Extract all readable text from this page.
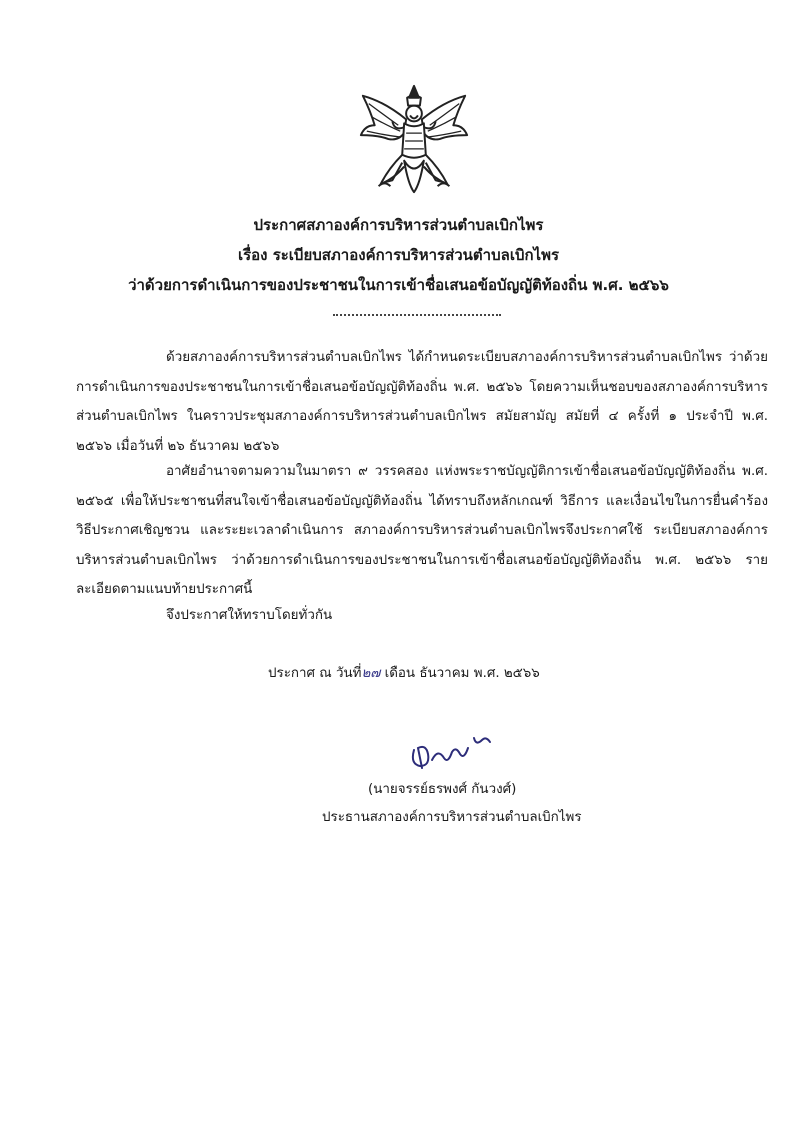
ประกาศสภาองค์การบริหารส่วนตำบลเบิกไพร
เรื่อง ระเบียบสภาองค์การบริหารส่วนตำบลเบิกไพร
ว่าด้วยการดำเนินการของประชาชนในการเข้าชื่อเสนอข้อบัญญัติท้องถิ่น พ.ศ. ๒๕๖๖

ด้วยสภาองค์การบริหารส่วนตำบลเบิกไพร ได้กำหนดระเบียบสภาองค์การบริหารส่วนตำบลเบิกไพร ว่าด้วยการดำเนินการของประชาชนในการเข้าชื่อเสนอข้อบัญญัติท้องถิ่น พ.ศ. ๒๕๖๖ โดยความเห็นชอบของสภาองค์การบริหารส่วนตำบลเบิกไพร ในคราวประชุมสภาองค์การบริหารส่วนตำบลเบิกไพร สมัยสามัญ สมัยที่ ๔ ครั้งที่ ๑ ประจำปี พ.ศ. ๒๕๖๖ เมื่อวันที่ ๒๖ ธันวาคม ๒๕๖๖

อาศัยอำนาจตามความในมาตรา ๙ วรรคสอง แห่งพระราชบัญญัติการเข้าชื่อเสนอข้อบัญญัติท้องถิ่น พ.ศ. ๒๕๖๕ เพื่อให้ประชาชนที่สนใจเข้าชื่อเสนอข้อบัญญัติท้องถิ่น ได้ทราบถึงหลักเกณฑ์ วิธีการ และเงื่อนไขในการยื่นคำร้อง วิธีประกาศเชิญชวน และระยะเวลาดำเนินการ สภาองค์การบริหารส่วนตำบลเบิกไพรจึงประกาศใช้ ระเบียบสภาองค์การบริหารส่วนตำบลเบิกไพร ว่าด้วยการดำเนินการของประชาชนในการเข้าชื่อเสนอข้อบัญญัติท้องถิ่น พ.ศ. ๒๕๖๖ รายละเอียดตามแนบท้ายประกาศนี้

จึงประกาศให้ทราบโดยทั่วกัน

ประกาศ ณ วันที่๒๗ เดือน ธันวาคม พ.ศ. ๒๕๖๖
(นายจรรย์ธรพงศ์ กันวงศ์)
ประธานสภาองค์การบริหารส่วนตำบลเบิกไพร
